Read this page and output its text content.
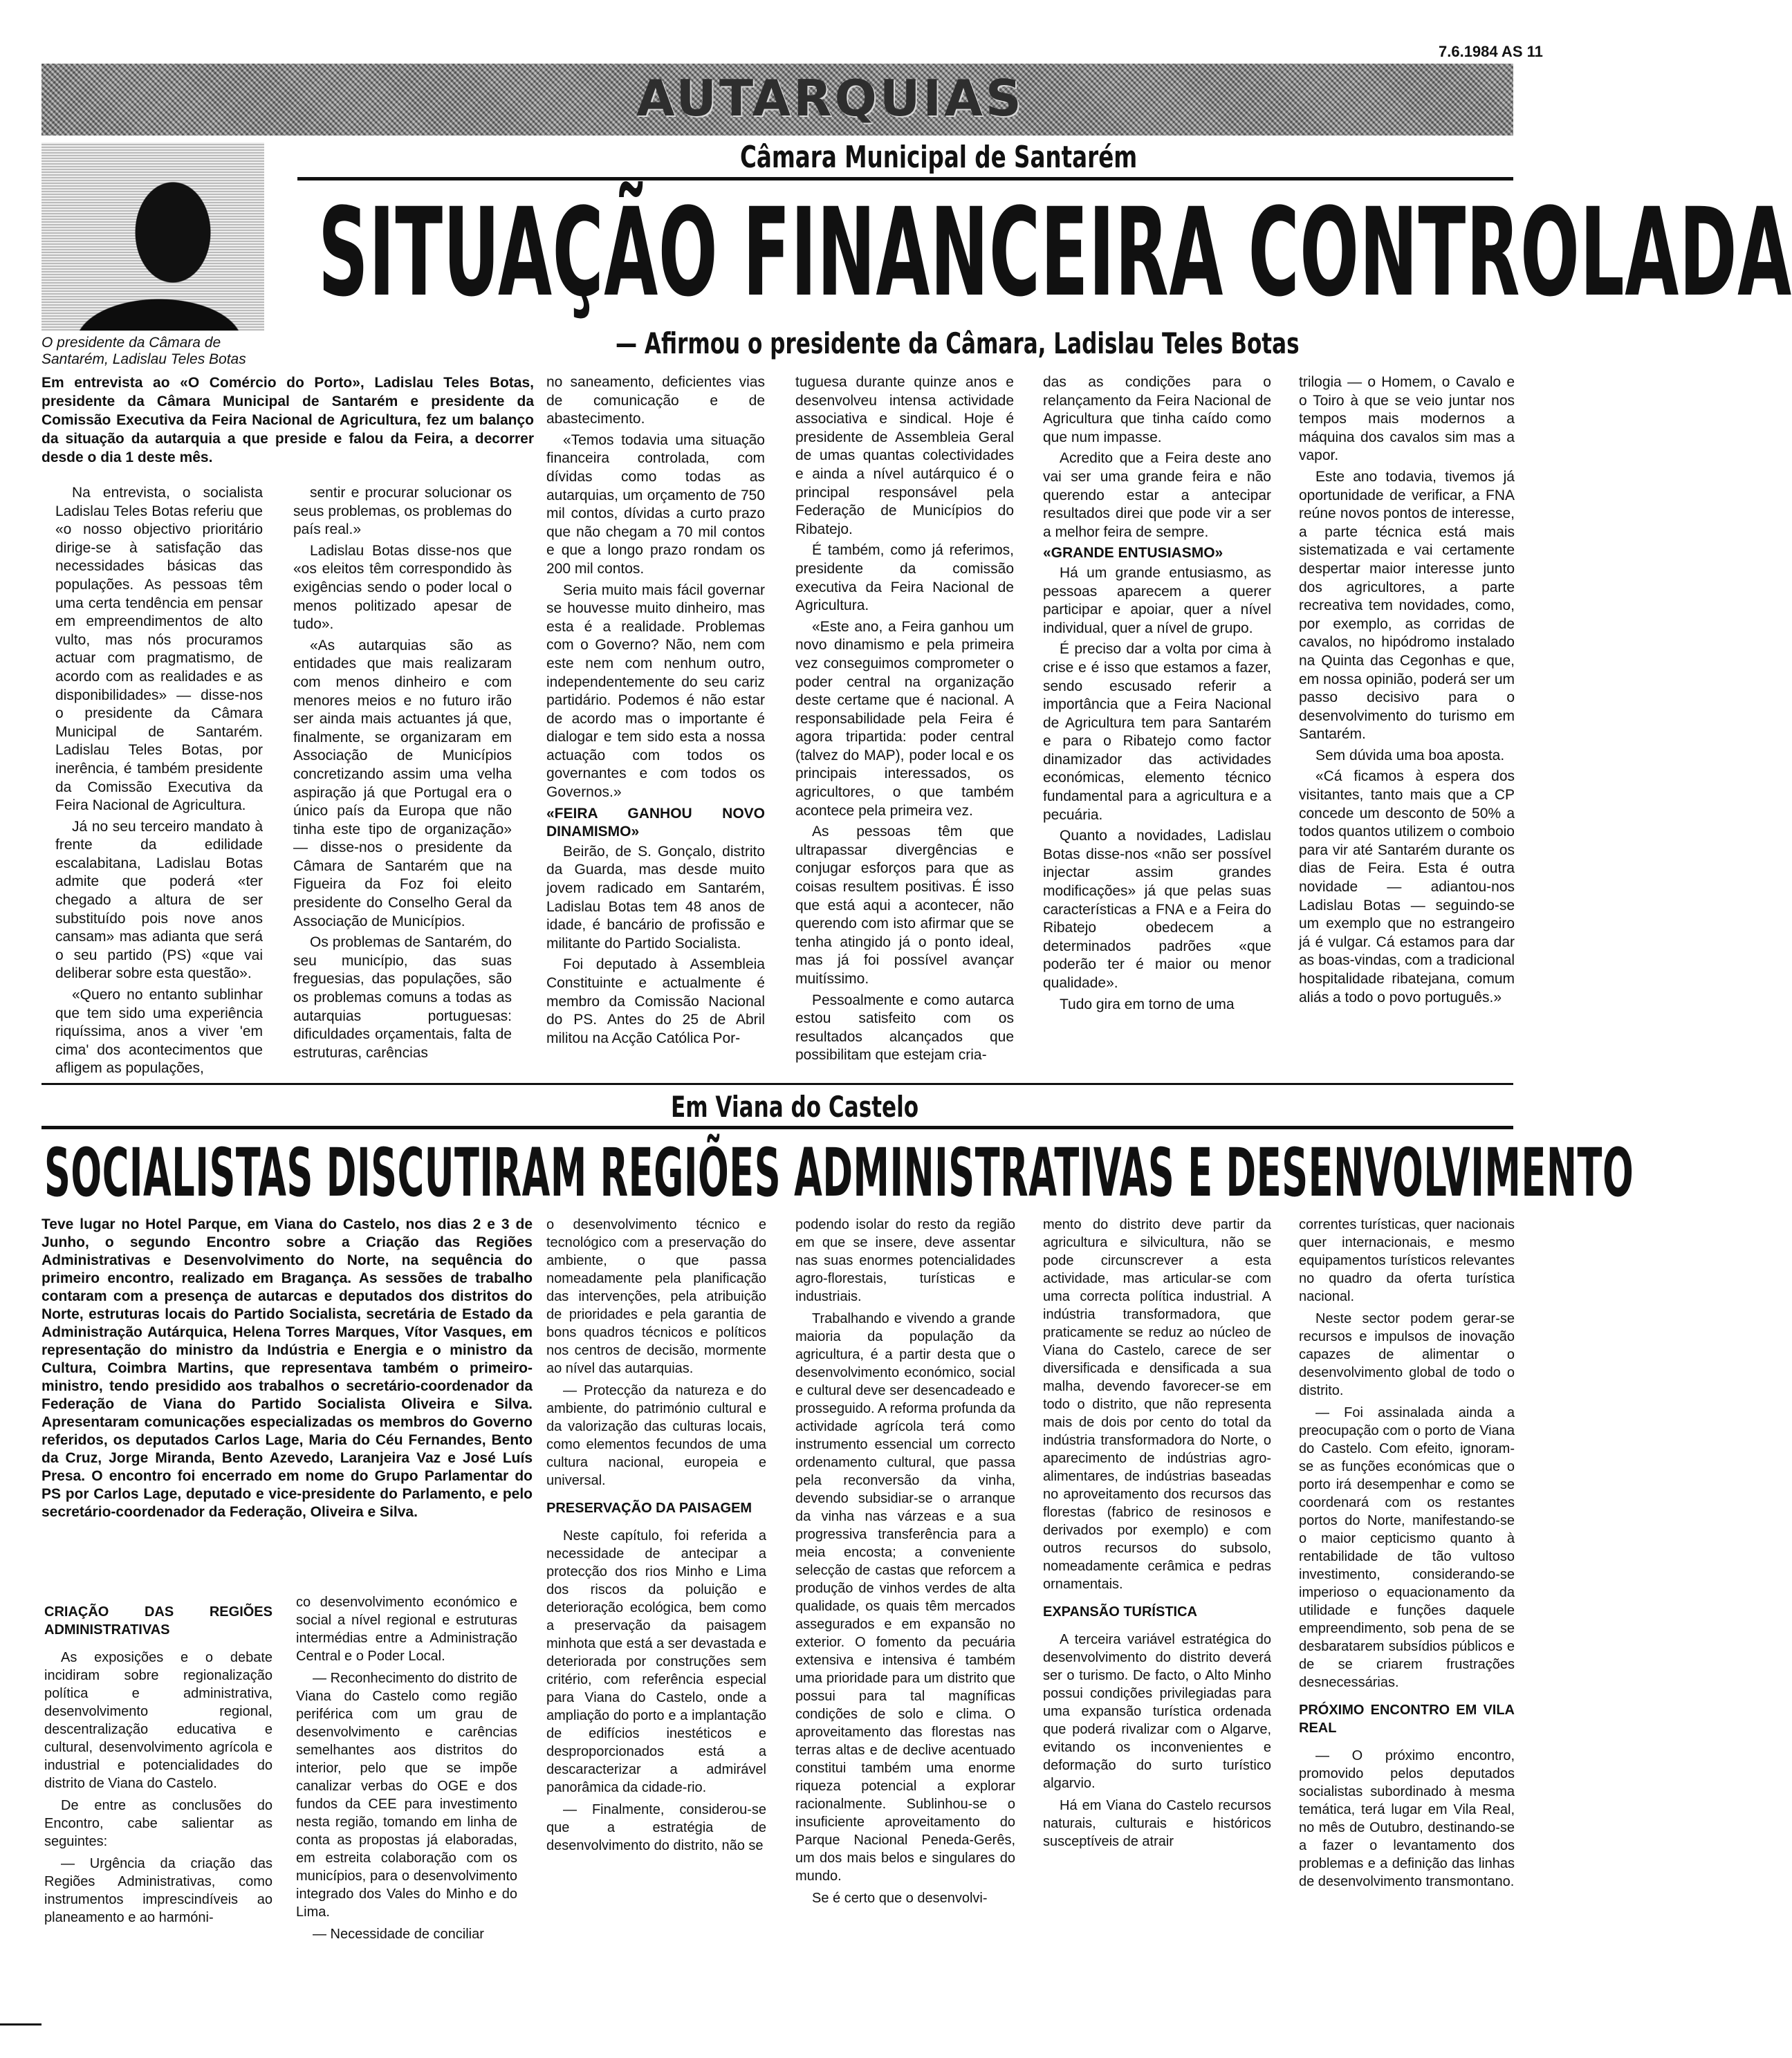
7.6.1984 AS 11
AUTARQUIAS
O presidente da Câmara de Santarém, Ladislau Teles Botas
Câmara Municipal de Santarém
SITUAÇÃO FINANCEIRA CONTROLADA
— Afirmou o presidente da Câmara, Ladislau Teles Botas
Em entrevista ao «O Comércio do Porto», Ladislau Teles Botas, presidente da Câmara Municipal de Santarém e presidente da Comissão Executiva da Feira Nacional de Agricultura, fez um balanço da situação da autarquia a que preside e falou da Feira, a decorrer desde o dia 1 deste mês.

Na entrevista, o socialista Ladislau Teles Botas referiu que «o nosso objectivo prioritário dirige-se à satisfação das necessidades básicas das populações. As pessoas têm uma certa tendência em pensar em empreendimentos de alto vulto, mas nós procuramos actuar com pragmatismo, de acordo com as realidades e as disponibilidades» — disse-nos o presidente da Câmara Municipal de Santarém. Ladislau Teles Botas, por inerência, é também presidente da Comissão Executiva da Feira Nacional de Agricultura.

Já no seu terceiro mandato à frente da edilidade escalabitana, Ladislau Botas admite que poderá «ter chegado a altura de ser substituído pois nove anos cansam» mas adianta que será o seu partido (PS) «que vai deliberar sobre esta questão».

«Quero no entanto sublinhar que tem sido uma experiência riquíssima, anos a viver 'em cima' dos acontecimentos que afligem as populações,

sentir e procurar solucionar os seus problemas, os problemas do país real.»

Ladislau Botas disse-nos que «os eleitos têm correspondido às exigências sendo o poder local o menos politizado apesar de tudo».

«As autarquias são as entidades que mais realizaram com menos dinheiro e com menores meios e no futuro irão ser ainda mais actuantes já que, finalmente, se organizaram em Associação de Municípios concretizando assim uma velha aspiração já que Portugal era o único país da Europa que não tinha este tipo de organização» — disse-nos o presidente da Câmara de Santarém que na Figueira da Foz foi eleito presidente do Conselho Geral da Associação de Municípios.

Os problemas de Santarém, do seu município, das suas freguesias, das populações, são os problemas comuns a todas as autarquias portuguesas: dificuldades orçamentais, falta de estruturas, carências

no saneamento, deficientes vias de comunicação e de abastecimento.

«Temos todavia uma situação financeira controlada, com dívidas como todas as autarquias, um orçamento de 750 mil contos, dívidas a curto prazo que não chegam a 70 mil contos e que a longo prazo rondam os 200 mil contos.

Seria muito mais fácil governar se houvesse muito dinheiro, mas esta é a realidade. Problemas com o Governo? Não, nem com este nem com nenhum outro, independentemente do seu cariz partidário. Podemos é não estar de acordo mas o importante é dialogar e tem sido esta a nossa actuação com todos os governantes e com todos os Governos.»

«FEIRA GANHOU NOVO DINAMISMO»

Beirão, de S. Gonçalo, distrito da Guarda, mas desde muito jovem radicado em Santarém, Ladislau Botas tem 48 anos de idade, é bancário de profissão e militante do Partido Socialista.

Foi deputado à Assembleia Constituinte e actualmente é membro da Comissão Nacional do PS. Antes do 25 de Abril militou na Acção Católica Por-

tuguesa durante quinze anos e desenvolveu intensa actividade associativa e sindical. Hoje é presidente de Assembleia Geral de umas quantas colectividades e ainda a nível autárquico é o principal responsável pela Federação de Municípios do Ribatejo.

É também, como já referimos, presidente da comissão executiva da Feira Nacional de Agricultura.

«Este ano, a Feira ganhou um novo dinamismo e pela primeira vez conseguimos comprometer o poder central na organização deste certame que é nacional. A responsabilidade pela Feira é agora tripartida: poder central (talvez do MAP), poder local e os principais interessados, os agricultores, o que também acontece pela primeira vez.

As pessoas têm que ultrapassar divergências e conjugar esforços para que as coisas resultem positivas. É isso que está aqui a acontecer, não querendo com isto afirmar que se tenha atingido já o ponto ideal, mas já foi possível avançar muitíssimo.

Pessoalmente e como autarca estou satisfeito com os resultados alcançados que possibilitam que estejam cria-

das as condições para o relançamento da Feira Nacional de Agricultura que tinha caído como que num impasse.

Acredito que a Feira deste ano vai ser uma grande feira e não querendo estar a antecipar resultados direi que pode vir a ser a melhor feira de sempre.

«GRANDE ENTUSIASMO»

Há um grande entusiasmo, as pessoas aparecem a querer participar e apoiar, quer a nível individual, quer a nível de grupo.

É preciso dar a volta por cima à crise e é isso que estamos a fazer, sendo escusado referir a importância que a Feira Nacional de Agricultura tem para Santarém e para o Ribatejo como factor dinamizador das actividades económicas, elemento técnico fundamental para a agricultura e a pecuária.

Quanto a novidades, Ladislau Botas disse-nos «não ser possível injectar assim grandes modificações» já que pelas suas características a FNA e a Feira do Ribatejo obedecem a determinados padrões «que poderão ter é maior ou menor qualidade».

Tudo gira em torno de uma

trilogia — o Homem, o Cavalo e o Toiro à que se veio juntar nos tempos mais modernos a máquina dos cavalos sim mas a vapor.

Este ano todavia, tivemos já oportunidade de verificar, a FNA reúne novos pontos de interesse, a parte técnica está mais sistematizada e vai certamente despertar maior interesse junto dos agricultores, a parte recreativa tem novidades, como, por exemplo, as corridas de cavalos, no hipódromo instalado na Quinta das Cegonhas e que, em nossa opinião, poderá ser um passo decisivo para o desenvolvimento do turismo em Santarém.

Sem dúvida uma boa aposta.

«Cá ficamos à espera dos visitantes, tanto mais que a CP concede um desconto de 50% a todos quantos utilizem o comboio para vir até Santarém durante os dias de Feira. Esta é outra novidade — adiantou-nos Ladislau Botas — seguindo-se um exemplo que no estrangeiro já é vulgar. Cá estamos para dar as boas-vindas, com a tradicional hospitalidade ribatejana, comum aliás a todo o povo português.»

Em Viana do Castelo
SOCIALISTAS DISCUTIRAM REGIÕES ADMINISTRATIVAS E DESENVOLVIMENTO
Teve lugar no Hotel Parque, em Viana do Castelo, nos dias 2 e 3 de Junho, o segundo Encontro sobre a Criação das Regiões Administrativas e Desenvolvimento do Norte, na sequência do primeiro encontro, realizado em Bragança. As sessões de trabalho contaram com a presença de autarcas e deputados dos distritos do Norte, estruturas locais do Partido Socialista, secretária de Estado da Administração Autárquica, Helena Torres Marques, Vítor Vasques, em representação do ministro da Indústria e Energia e o ministro da Cultura, Coimbra Martins, que representava também o primeiro-ministro, tendo presidido aos trabalhos o secretário-coordenador da Federação de Viana do Partido Socialista Oliveira e Silva. Apresentaram comunicações especializadas os membros do Governo referidos, os deputados Carlos Lage, Maria do Céu Fernandes, Bento da Cruz, Jorge Miranda, Bento Azevedo, Laranjeira Vaz e José Luís Presa. O encontro foi encerrado em nome do Grupo Parlamentar do PS por Carlos Lage, deputado e vice-presidente do Parlamento, e pelo secretário-coordenador da Federação, Oliveira e Silva.

CRIAÇÃO DAS REGIÕES ADMINISTRATIVAS

As exposições e o debate incidiram sobre regionalização política e administrativa, desenvolvimento regional, descentralização educativa e cultural, desenvolvimento agrícola e industrial e potencialidades do distrito de Viana do Castelo.

De entre as conclusões do Encontro, cabe salientar as seguintes:

— Urgência da criação das Regiões Administrativas, como instrumentos imprescindíveis ao planeamento e ao harmóni-

co desenvolvimento económico e social a nível regional e estruturas intermédias entre a Administração Central e o Poder Local.

— Reconhecimento do distrito de Viana do Castelo como região periférica com um grau de desenvolvimento e carências semelhantes aos distritos do interior, pelo que se impõe canalizar verbas do OGE e dos fundos da CEE para investimento nesta região, tomando em linha de conta as propostas já elaboradas, em estreita colaboração com os municípios, para o desenvolvimento integrado dos Vales do Minho e do Lima.

— Necessidade de conciliar

o desenvolvimento técnico e tecnológico com a preservação do ambiente, o que passa nomeadamente pela planificação das intervenções, pela atribuição de prioridades e pela garantia de bons quadros técnicos e políticos nos centros de decisão, mormente ao nível das autarquias.

— Protecção da natureza e do ambiente, do património cultural e da valorização das culturas locais, como elementos fecundos de uma cultura nacional, europeia e universal.

PRESERVAÇÃO DA PAISAGEM

Neste capítulo, foi referida a necessidade de antecipar a protecção dos rios Minho e Lima dos riscos da poluição e deterioração ecológica, bem como a preservação da paisagem minhota que está a ser devastada e deteriorada por construções sem critério, com referência especial para Viana do Castelo, onde a ampliação do porto e a implantação de edifícios inestéticos e desproporcionados está a descaracterizar a admirável panorâmica da cidade-rio.

— Finalmente, considerou-se que a estratégia de desenvolvimento do distrito, não se

podendo isolar do resto da região em que se insere, deve assentar nas suas enormes potencialidades agro-florestais, turísticas e industriais.

Trabalhando e vivendo a grande maioria da população da agricultura, é a partir desta que o desenvolvimento económico, social e cultural deve ser desencadeado e prosseguido. A reforma profunda da actividade agrícola terá como instrumento essencial um correcto ordenamento cultural, que passa pela reconversão da vinha, devendo subsidiar-se o arranque da vinha nas várzeas e a sua progressiva transferência para a meia encosta; a conveniente selecção de castas que reforcem a produção de vinhos verdes de alta qualidade, os quais têm mercados assegurados e em expansão no exterior. O fomento da pecuária extensiva e intensiva é também uma prioridade para um distrito que possui para tal magníficas condições de solo e clima. O aproveitamento das florestas nas terras altas e de declive acentuado constitui também uma enorme riqueza potencial a explorar racionalmente. Sublinhou-se o insuficiente aproveitamento do Parque Nacional Peneda-Gerês, um dos mais belos e singulares do mundo.

Se é certo que o desenvolvi-

mento do distrito deve partir da agricultura e silvicultura, não se pode circunscrever a esta actividade, mas articular-se com uma correcta política industrial. A indústria transformadora, que praticamente se reduz ao núcleo de Viana do Castelo, carece de ser diversificada e densificada a sua malha, devendo favorecer-se em todo o distrito, que não representa mais de dois por cento do total da indústria transformadora do Norte, o aparecimento de indústrias agro-alimentares, de indústrias baseadas no aproveitamento dos recursos das florestas (fabrico de resinosos e derivados por exemplo) e com outros recursos do subsolo, nomeadamente cerâmica e pedras ornamentais.

EXPANSÃO TURÍSTICA

A terceira variável estratégica do desenvolvimento do distrito deverá ser o turismo. De facto, o Alto Minho possui condições privilegiadas para uma expansão turística ordenada que poderá rivalizar com o Algarve, evitando os inconvenientes e deformação do surto turístico algarvio.

Há em Viana do Castelo recursos naturais, culturais e históricos susceptíveis de atrair

correntes turísticas, quer nacionais quer internacionais, e mesmo equipamentos turísticos relevantes no quadro da oferta turística nacional.

Neste sector podem gerar-se recursos e impulsos de inovação capazes de alimentar o desenvolvimento global de todo o distrito.

— Foi assinalada ainda a preocupação com o porto de Viana do Castelo. Com efeito, ignoram-se as funções económicas que o porto irá desempenhar e como se coordenará com os restantes portos do Norte, manifestando-se o maior cepticismo quanto à rentabilidade de tão vultoso investimento, considerando-se imperioso o equacionamento da utilidade e funções daquele empreendimento, sob pena de se desbaratarem subsídios públicos e de se criarem frustrações desnecessárias.

PRÓXIMO ENCONTRO EM VILA REAL

— O próximo encontro, promovido pelos deputados socialistas subordinado à mesma temática, terá lugar em Vila Real, no mês de Outubro, destinando-se a fazer o levantamento dos problemas e a definição das linhas de desenvolvimento transmontano.
